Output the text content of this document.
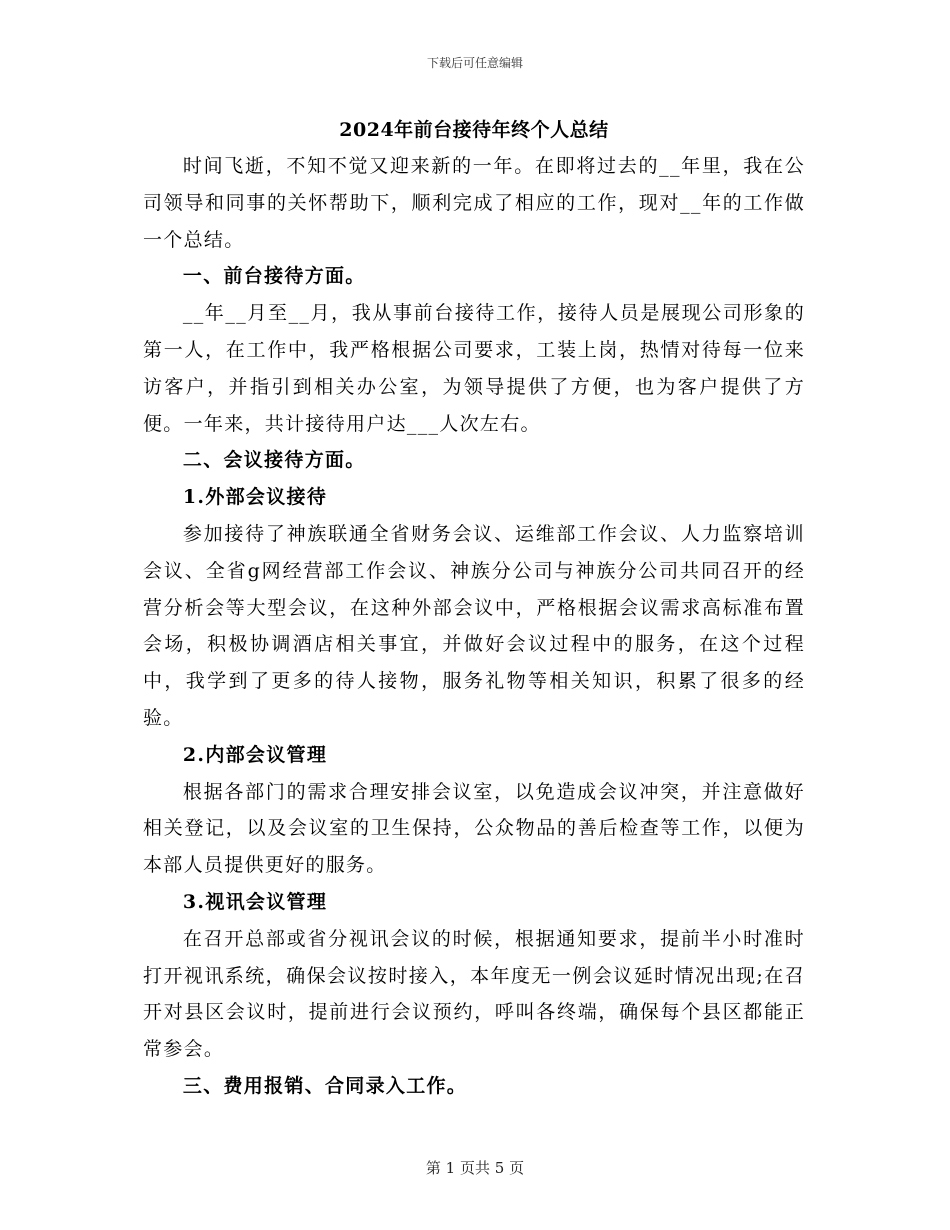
下载后可任意编辑

2024年前台接待年终个人总结

时间飞逝，不知不觉又迎来新的一年。在即将过去的__年里，我在公司领导和同事的关怀帮助下，顺利完成了相应的工作，现对__年的工作做一个总结。

一、前台接待方面。

__年__月至__月，我从事前台接待工作，接待人员是展现公司形象的第一人，在工作中，我严格根据公司要求，工装上岗，热情对待每一位来访客户，并指引到相关办公室，为领导提供了方便，也为客户提供了方便。一年来，共计接待用户达___人次左右。

二、会议接待方面。

1.外部会议接待

参加接待了神族联通全省财务会议、运维部工作会议、人力监察培训会议、全省g网经营部工作会议、神族分公司与神族分公司共同召开的经营分析会等大型会议，在这种外部会议中，严格根据会议需求高标准布置会场，积极协调酒店相关事宜，并做好会议过程中的服务，在这个过程中，我学到了更多的待人接物，服务礼物等相关知识，积累了很多的经验。

2.内部会议管理

根据各部门的需求合理安排会议室，以免造成会议冲突，并注意做好相关登记，以及会议室的卫生保持，公众物品的善后检查等工作，以便为本部人员提供更好的服务。

3.视讯会议管理

在召开总部或省分视讯会议的时候，根据通知要求，提前半小时准时打开视讯系统，确保会议按时接入，本年度无一例会议延时情况出现;在召开对县区会议时，提前进行会议预约，呼叫各终端，确保每个县区都能正常参会。

三、费用报销、合同录入工作。

第 1 页共 5 页
